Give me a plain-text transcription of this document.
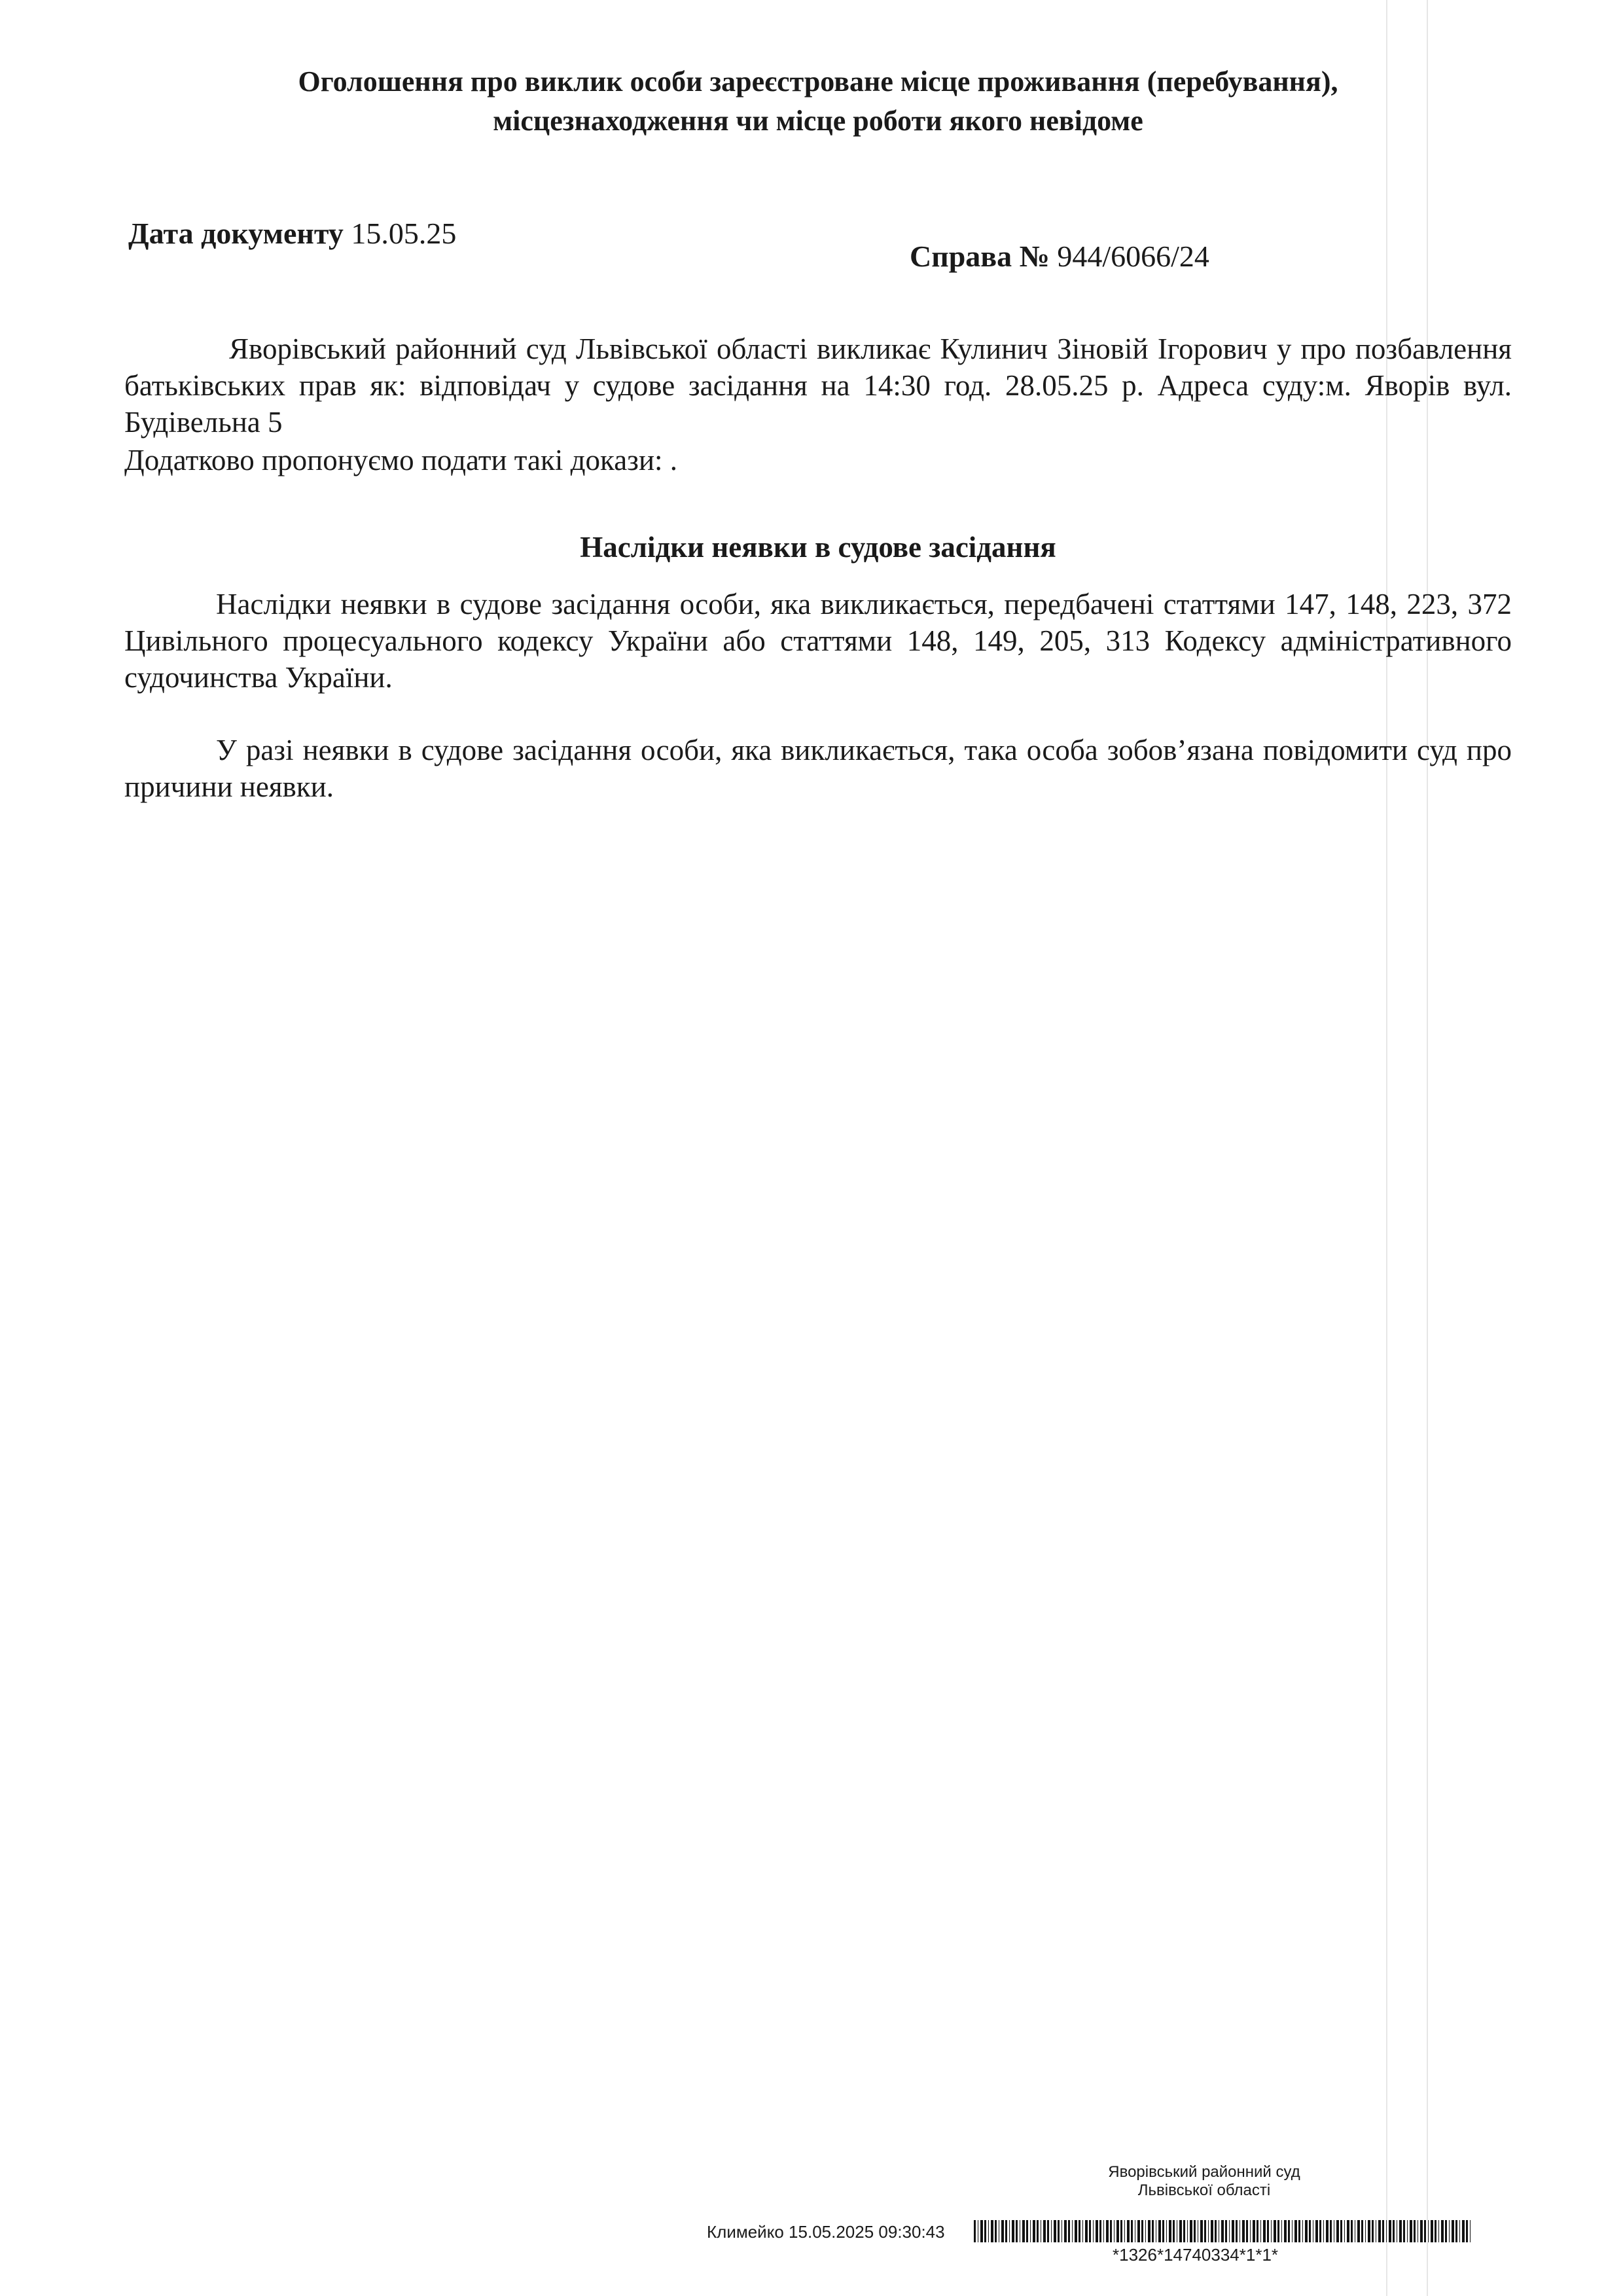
Оголошення про виклик особи зареєстроване місце проживання (перебування),
місцезнаходження чи місце роботи якого невідоме
Дата документу 15.05.25
Справа № 944/6066/24
Яворівський районний суд Львівської області викликає Кулинич Зіновій Ігорович у про позбавлення батьківських прав як: відповідач у судове засідання на 14:30 год. 28.05.25 р. Адреса суду:м. Яворів вул. Будівельна 5
Додатково пропонуємо подати такі докази: .
Наслідки неявки в судове засідання
Наслідки неявки в судове засідання особи, яка викликається, передбачені статтями 147, 148, 223, 372 Цивільного процесуального кодексу України або статтями 148, 149, 205, 313 Кодексу адміністративного судочинства України.
У разі неявки в судове засідання особи, яка викликається, така особа зобов’язана повідомити суд про причини неявки.
Яворівський районний суд
Львівської області
Климейко 15.05.2025 09:30:43
*1326*14740334*1*1*
